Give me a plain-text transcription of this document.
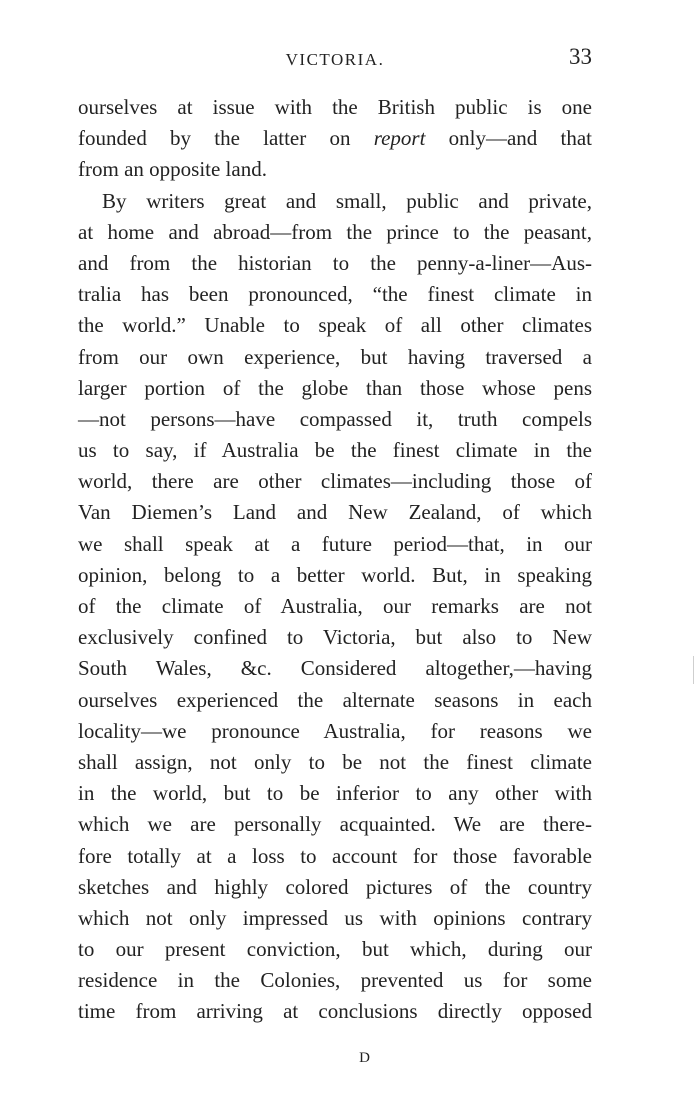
VICTORIA.	33
ourselves at issue with the British public is one
founded by the latter on report only—and that
from an opposite land.
By writers great and small, public and private,
at home and abroad—from the prince to the peasant,
and from the historian to the penny-a-liner—Aus-
tralia has been pronounced, “the finest climate in
the world.” Unable to speak of all other climates
from our own experience, but having traversed a
larger portion of the globe than those whose pens
—not persons—have compassed it, truth compels
us to say, if Australia be the finest climate in the
world, there are other climates—including those of
Van Diemen’s Land and New Zealand, of which
we shall speak at a future period—that, in our
opinion, belong to a better world. But, in speaking
of the climate of Australia, our remarks are not
exclusively confined to Victoria, but also to New
South Wales, &c. Considered altogether,—having
ourselves experienced the alternate seasons in each
locality—we pronounce Australia, for reasons we
shall assign, not only to be not the finest climate
in the world, but to be inferior to any other with
which we are personally acquainted. We are there-
fore totally at a loss to account for those favorable
sketches and highly colored pictures of the country
which not only impressed us with opinions contrary
to our present conviction, but which, during our
residence in the Colonies, prevented us for some
time from arriving at conclusions directly opposed
D
